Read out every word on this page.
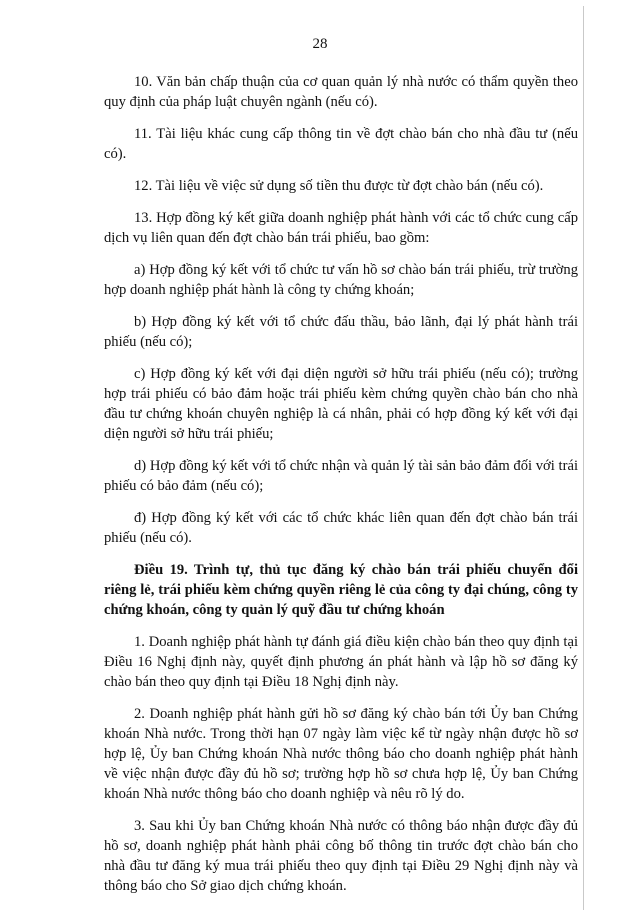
28

10. Văn bản chấp thuận của cơ quan quản lý nhà nước có thẩm quyền theo quy định của pháp luật chuyên ngành (nếu có).

11. Tài liệu khác cung cấp thông tin về đợt chào bán cho nhà đầu tư (nếu có).

12. Tài liệu về việc sử dụng số tiền thu được từ đợt chào bán (nếu có).

13. Hợp đồng ký kết giữa doanh nghiệp phát hành với các tổ chức cung cấp dịch vụ liên quan đến đợt chào bán trái phiếu, bao gồm:

a) Hợp đồng ký kết với tổ chức tư vấn hồ sơ chào bán trái phiếu, trừ trường hợp doanh nghiệp phát hành là công ty chứng khoán;

b) Hợp đồng ký kết với tổ chức đấu thầu, bảo lãnh, đại lý phát hành trái phiếu (nếu có);

c) Hợp đồng ký kết với đại diện người sở hữu trái phiếu (nếu có); trường hợp trái phiếu có bảo đảm hoặc trái phiếu kèm chứng quyền chào bán cho nhà đầu tư chứng khoán chuyên nghiệp là cá nhân, phải có hợp đồng ký kết với đại diện người sở hữu trái phiếu;

d) Hợp đồng ký kết với tổ chức nhận và quản lý tài sản bảo đảm đối với trái phiếu có bảo đảm (nếu có);

đ) Hợp đồng ký kết với các tổ chức khác liên quan đến đợt chào bán trái phiếu (nếu có).

Điều 19. Trình tự, thủ tục đăng ký chào bán trái phiếu chuyển đổi riêng lẻ, trái phiếu kèm chứng quyền riêng lẻ của công ty đại chúng, công ty chứng khoán, công ty quản lý quỹ đầu tư chứng khoán

1. Doanh nghiệp phát hành tự đánh giá điều kiện chào bán theo quy định tại Điều 16 Nghị định này, quyết định phương án phát hành và lập hồ sơ đăng ký chào bán theo quy định tại Điều 18 Nghị định này.

2. Doanh nghiệp phát hành gửi hồ sơ đăng ký chào bán tới Ủy ban Chứng khoán Nhà nước. Trong thời hạn 07 ngày làm việc kể từ ngày nhận được hồ sơ hợp lệ, Ủy ban Chứng khoán Nhà nước thông báo cho doanh nghiệp phát hành về việc nhận được đầy đủ hồ sơ; trường hợp hồ sơ chưa hợp lệ, Ủy ban Chứng khoán Nhà nước thông báo cho doanh nghiệp và nêu rõ lý do.

3. Sau khi Ủy ban Chứng khoán Nhà nước có thông báo nhận được đầy đủ hồ sơ, doanh nghiệp phát hành phải công bố thông tin trước đợt chào bán cho nhà đầu tư đăng ký mua trái phiếu theo quy định tại Điều 29 Nghị định này và thông báo cho Sở giao dịch chứng khoán.
